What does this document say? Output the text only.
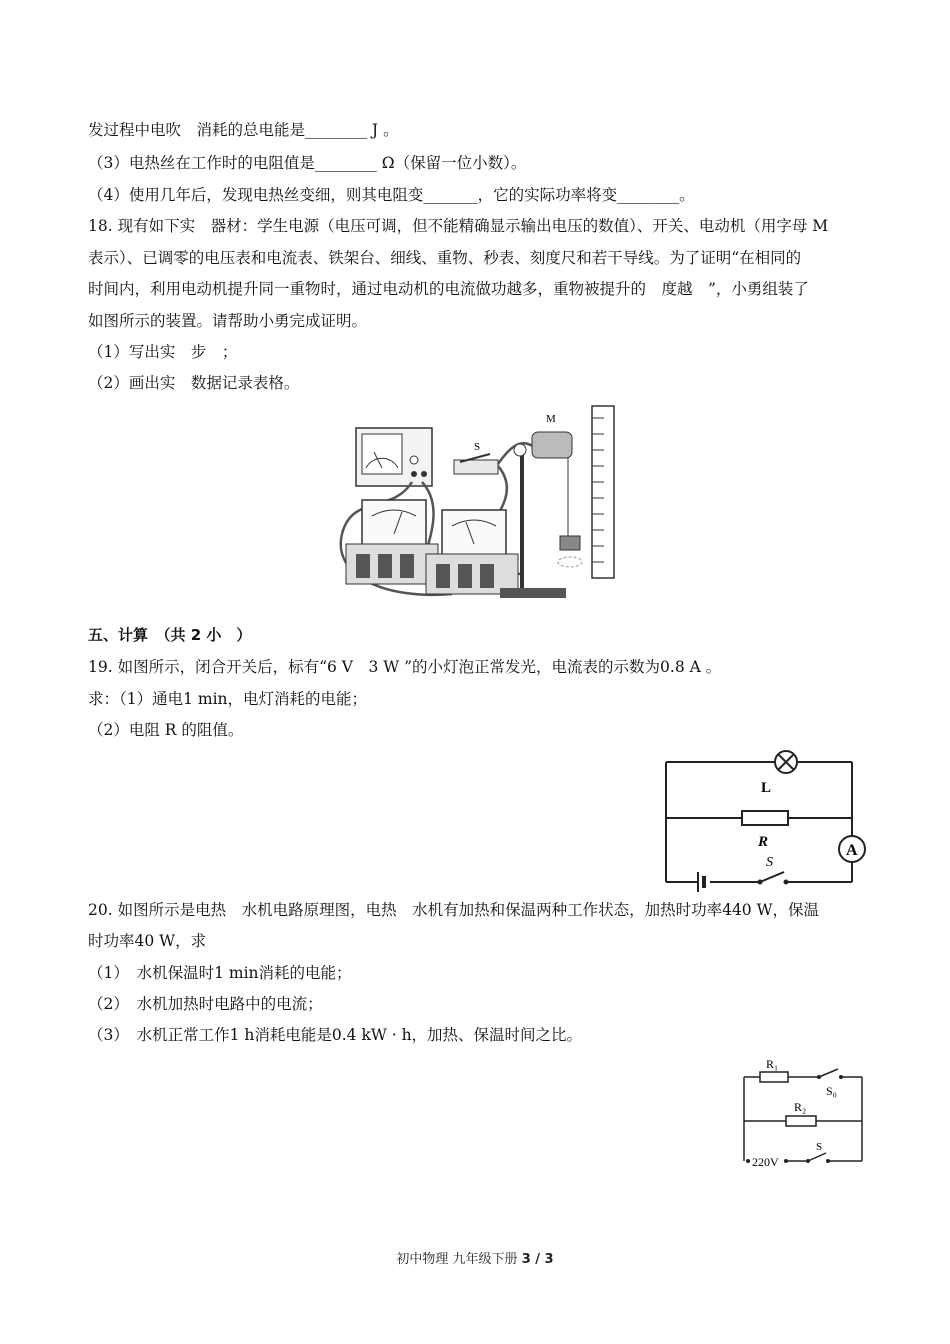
发过程中电吹　消耗的总电能是________ J 。
（3）电热丝在工作时的电阻值是________ Ω（保留一位小数）。
（4）使用几年后，发现电热丝变细，则其电阻变_______，它的实际功率将变________。
18. 现有如下实　器材：学生电源（电压可调，但不能精确显示输出电压的数值）、开关、电动机（用字母 M
表示）、已调零的电压表和电流表、铁架台、细线、重物、秒表、刻度尺和若干导线。为了证明“在相同的
时间内，利用电动机提升同一重物时，通过电动机的电流做功越多，重物被提升的　度越　”，小勇组装了
如图所示的装置。请帮助小勇完成证明。
（1）写出实　步　；
（2）画出实　数据记录表格。
S
M
五、计算　（共 2 小　）
19. 如图所示，闭合开关后，标有“6 V　3 W ”的小灯泡正常发光，电流表的示数为0.8 A 。
求：（1）通电1 min，电灯消耗的电能；
（2）电阻 R 的阻值。
L
R	A
S
20. 如图所示是电热　水机电路原理图，电热　水机有加热和保温两种工作状态，加热时功率440 W，保温
时功率40 W，求
（1）　水机保温时1 min消耗的电能；
（2）　水机加热时电路中的电流；
（3）　水机正常工作1 h消耗电能是0.4 kW · h，加热、保温时间之比。
R₁
S₀
R₂
220V
S
初中物理 九年级下册 3 / 3
